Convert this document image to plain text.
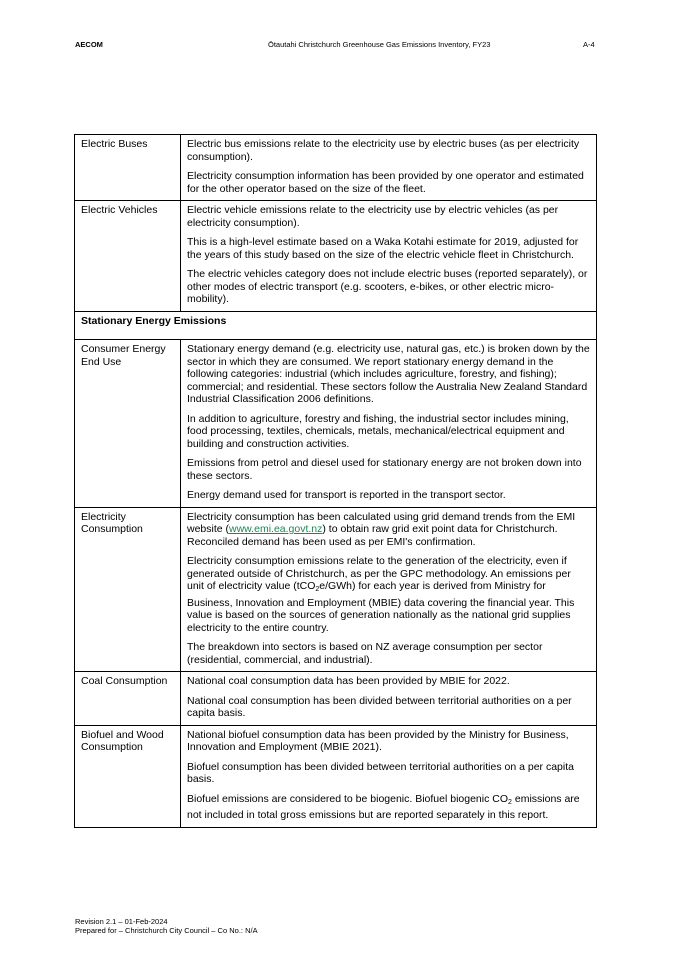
AECOM	Ōtautahi Christchurch Greenhouse Gas Emissions Inventory, FY23	A-4
Electric Buses	Electric bus emissions relate to the electricity use by electric buses (as per electricity consumption).

Electricity consumption information has been provided by one operator and estimated for the other operator based on the size of the fleet.

Electric Vehicles	Electric vehicle emissions relate to the electricity use by electric vehicles (as per electricity consumption).

This is a high-level estimate based on a Waka Kotahi estimate for 2019, adjusted for the years of this study based on the size of the electric vehicle fleet in Christchurch.

The electric vehicles category does not include electric buses (reported separately), or other modes of electric transport (e.g. scooters, e-bikes, or other electric micro-mobility).

Stationary Energy Emissions	
Consumer Energy End Use	Stationary energy demand (e.g. electricity use, natural gas, etc.) is broken down by the sector in which they are consumed. We report stationary energy demand in the following categories: industrial (which includes agriculture, forestry, and fishing); commercial; and residential. These sectors follow the Australia New Zealand Standard Industrial Classification 2006 definitions.

In addition to agriculture, forestry and fishing, the industrial sector includes mining, food processing, textiles, chemicals, metals, mechanical/electrical equipment and building and construction activities.

Emissions from petrol and diesel used for stationary energy are not broken down into these sectors.

Energy demand used for transport is reported in the transport sector.

Electricity Consumption	Electricity consumption has been calculated using grid demand trends from the EMI website (www.emi.ea.govt.nz) to obtain raw grid exit point data for Christchurch. Reconciled demand has been used as per EMI's confirmation.

Electricity consumption emissions relate to the generation of the electricity, even if generated outside of Christchurch, as per the GPC methodology. An emissions per unit of electricity value (tCO$_2$e/GWh) for each year is derived from Ministry for Business, Innovation and Employment (MBIE) data covering the financial year. This value is based on the sources of generation nationally as the national grid supplies electricity to the entire country.

The breakdown into sectors is based on NZ average consumption per sector (residential, commercial, and industrial).

Coal Consumption	National coal consumption data has been provided by MBIE for 2022.

National coal consumption has been divided between territorial authorities on a per capita basis.

Biofuel and Wood Consumption	National biofuel consumption data has been provided by the Ministry for Business, Innovation and Employment (MBIE 2021).

Biofuel consumption has been divided between territorial authorities on a per capita basis.

Biofuel emissions are considered to be biogenic. Biofuel biogenic $CO_2$ emissions are not included in total gross emissions but are reported separately in this report.

Revision 2.1 – 01-Feb-2024
Prepared for – Christchurch City Council – Co No.: N/A
